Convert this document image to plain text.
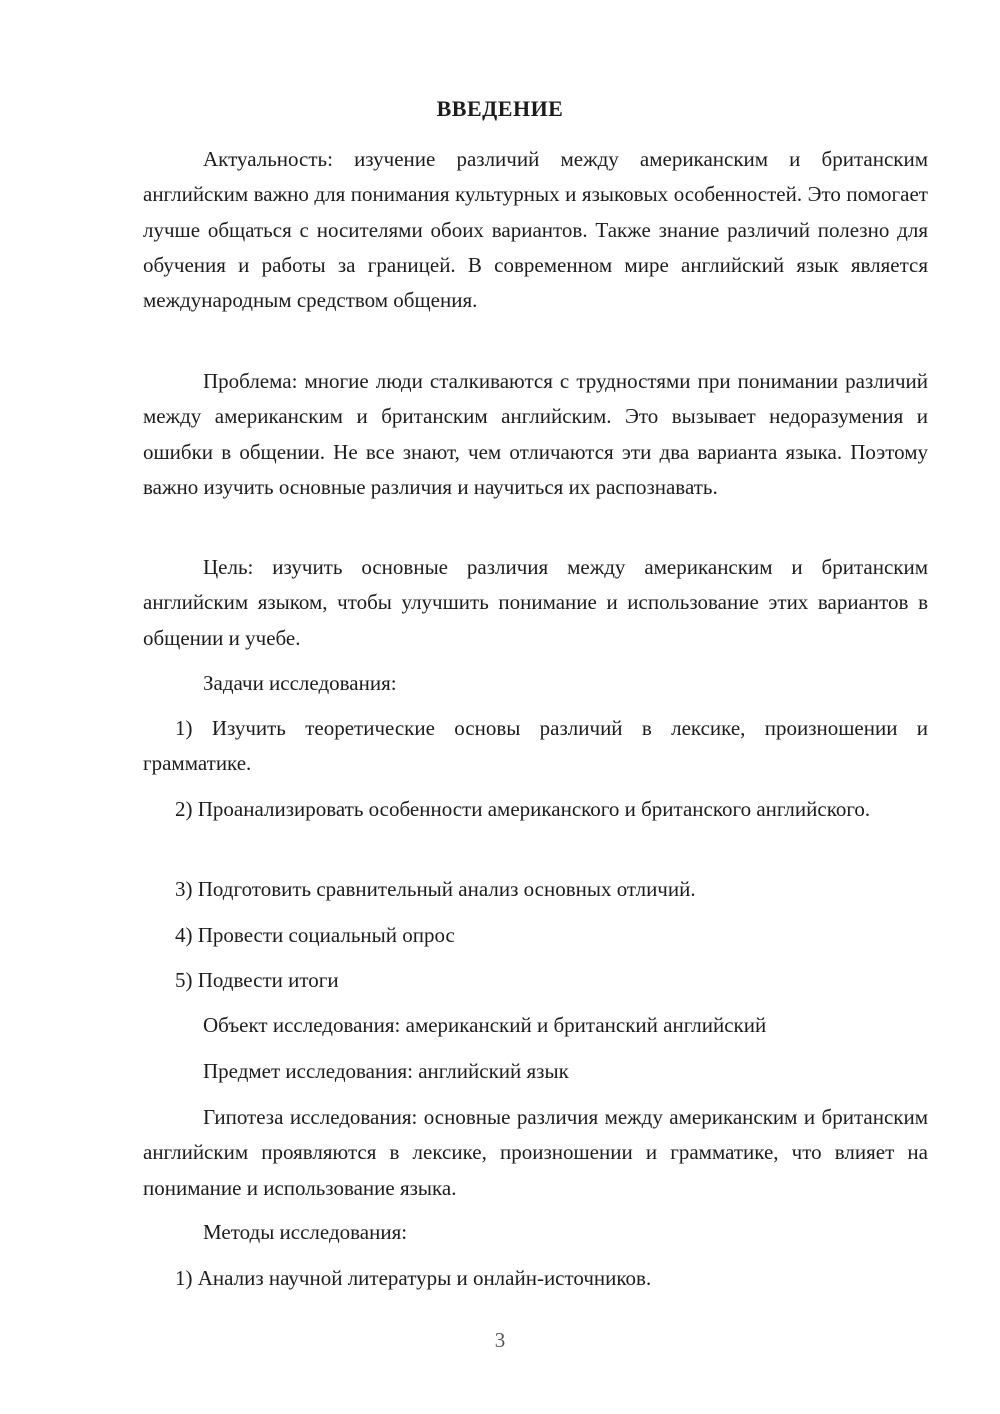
ВВЕДЕНИЕ

Актуальность: изучение различий между американским и британским английским важно для понимания культурных и языковых особенностей. Это помогает лучше общаться с носителями обоих вариантов. Также знание различий полезно для обучения и работы за границей. В современном мире английский язык является международным средством общения.

Проблема: многие люди сталкиваются с трудностями при понимании различий между американским и британским английским. Это вызывает недоразумения и ошибки в общении. Не все знают, чем отличаются эти два варианта языка. Поэтому важно изучить основные различия и научиться их распознавать.

Цель: изучить основные различия между американским и британским английским языком, чтобы улучшить понимание и использование этих вариантов в общении и учебе.

Задачи исследования:

1) Изучить теоретические основы различий в лексике, произношении и грамматике.

2) Проанализировать особенности американского и британского английского.

3) Подготовить сравнительный анализ основных отличий.

4) Провести социальный опрос

5) Подвести итоги

Объект исследования: американский и британский английский

Предмет исследования: английский язык

Гипотеза исследования: основные различия между американским и британским английским проявляются в лексике, произношении и грамматике, что влияет на понимание и использование языка.

Методы исследования:

1) Анализ научной литературы и онлайн-источников.

3
